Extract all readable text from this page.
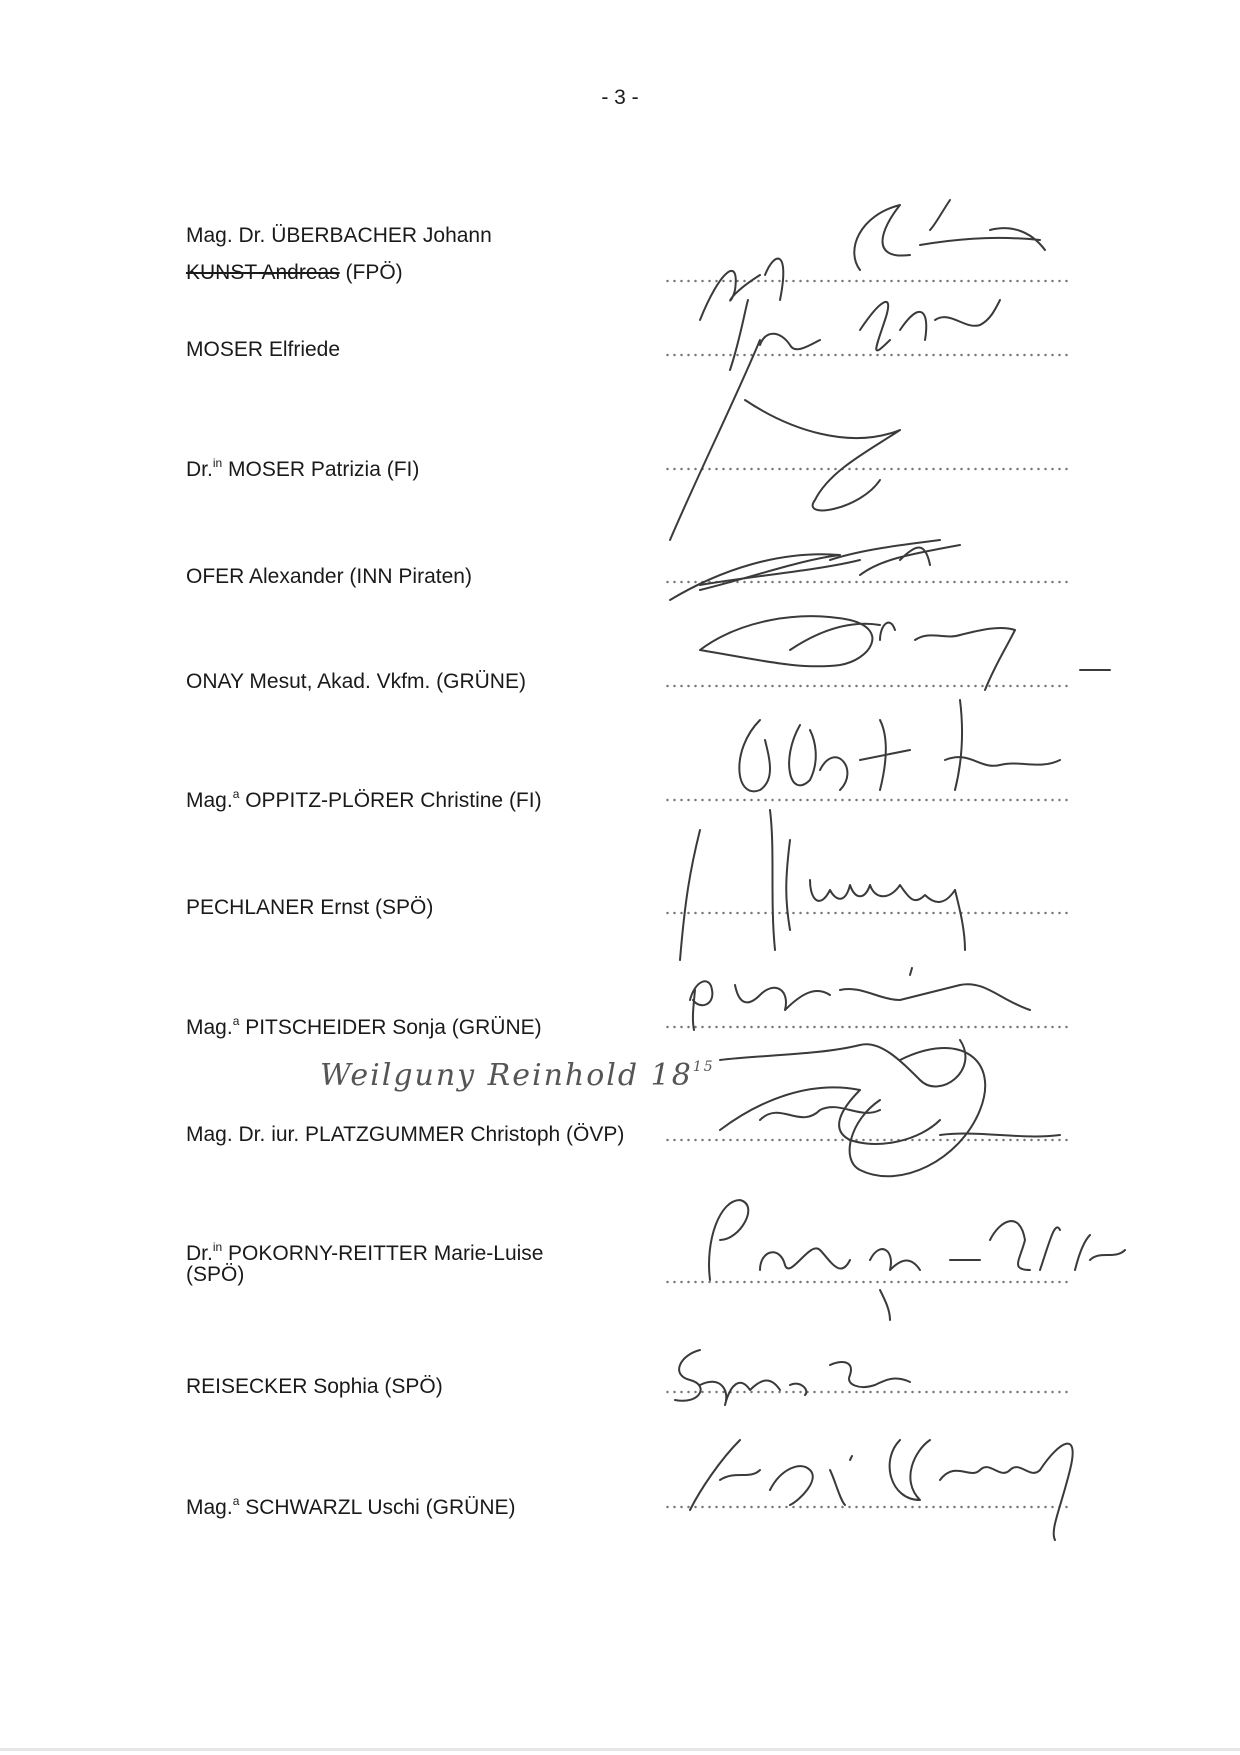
- 3 -
Mag. Dr. ÜBERBACHER Johann
KUNST Andreas (FPÖ)
MOSER Elfriede
Dr.$^{in}$ MOSER Patrizia (FI)
OFER Alexander (INN Piraten)
ONAY Mesut, Akad. Vkfm. (GRÜNE)
Mag.$^a$ OPPITZ-PLÖRER Christine (FI)
PECHLANER Ernst (SPÖ)
Mag.$^a$ PITSCHEIDER Sonja (GRÜNE)
Weilguny Reinhold $18^{15}$
Mag. Dr. iur. PLATZGUMMER Christoph (ÖVP)
Dr.$^{in}$ POKORNY-REITTER Marie-Luise
(SPÖ)
REISECKER Sophia (SPÖ)
Mag.$^a$ SCHWARZL Uschi (GRÜNE)
